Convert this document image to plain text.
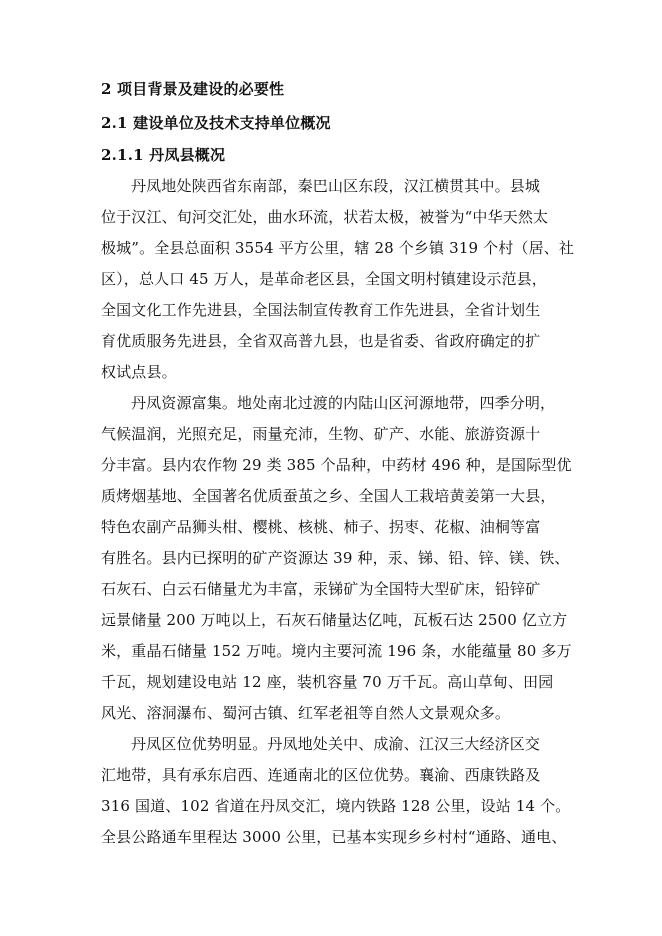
2 项目背景及建设的必要性
2.1 建设单位及技术支持单位概况
2.1.1 丹凤县概况
丹凤地处陕西省东南部，秦巴山区东段，汉江横贯其中。县城
位于汉江、旬河交汇处，曲水环流，状若太极，被誉为“中华天然太
极城”。全县总面积 3554 平方公里，辖 28 个乡镇 319 个村（居、社
区），总人口 45 万人，是革命老区县，全国文明村镇建设示范县，
全国文化工作先进县，全国法制宣传教育工作先进县，全省计划生
育优质服务先进县，全省双高普九县，也是省委、省政府确定的扩
权试点县。
丹凤资源富集。地处南北过渡的内陆山区河源地带，四季分明，
气候温润，光照充足，雨量充沛，生物、矿产、水能、旅游资源十
分丰富。县内农作物 29 类 385 个品种，中药材 496 种，是国际型优
质烤烟基地、全国著名优质蚕茧之乡、全国人工栽培黄姜第一大县，
特色农副产品狮头柑、樱桃、核桃、柿子、拐枣、花椒、油桐等富
有胜名。县内已探明的矿产资源达 39 种，汞、锑、铅、锌、镁、铁、
石灰石、白云石储量尤为丰富，汞锑矿为全国特大型矿床，铅锌矿
远景储量 200 万吨以上，石灰石储量达亿吨，瓦板石达 2500 亿立方
米，重晶石储量 152 万吨。境内主要河流 196 条，水能蕴量 80 多万
千瓦，规划建设电站 12 座，装机容量 70 万千瓦。高山草甸、田园
风光、溶洞瀑布、蜀河古镇、红军老祖等自然人文景观众多。
丹凤区位优势明显。丹凤地处关中、成渝、江汉三大经济区交
汇地带，具有承东启西、连通南北的区位优势。襄渝、西康铁路及
316 国道、102 省道在丹凤交汇，境内铁路 128 公里，设站 14 个。
全县公路通车里程达 3000 公里，已基本实现乡乡村村“通路、通电、
